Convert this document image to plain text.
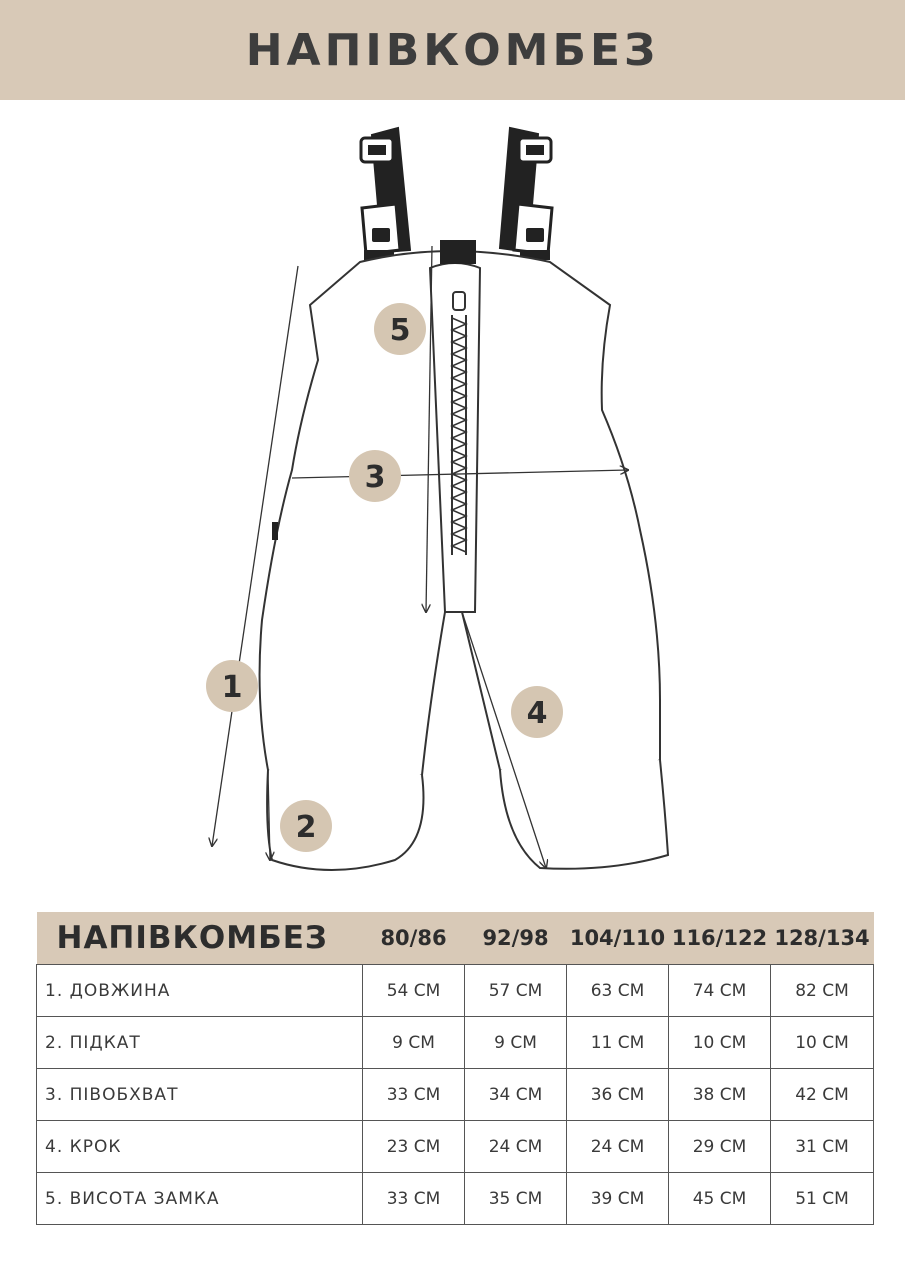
НАПІВКОМБЕЗ
5
3
1
4
2
НАПІВКОМБЕЗ	80/86	92/98	104/110	116/122	128/134
1. ДОВЖИНА	54 СМ	57 СМ	63 СМ	74 СМ	82 СМ
2. ПІДКАТ	9 СМ	9 СМ	11 СМ	10 СМ	10 СМ
3. ПІВОБХВАТ	33 СМ	34 СМ	36 СМ	38 СМ	42 СМ
4. КРОК	23 СМ	24 СМ	24 СМ	29 СМ	31 СМ
5. ВИСОТА ЗАМКА	33 СМ	35 СМ	39 СМ	45 СМ	51 СМ
